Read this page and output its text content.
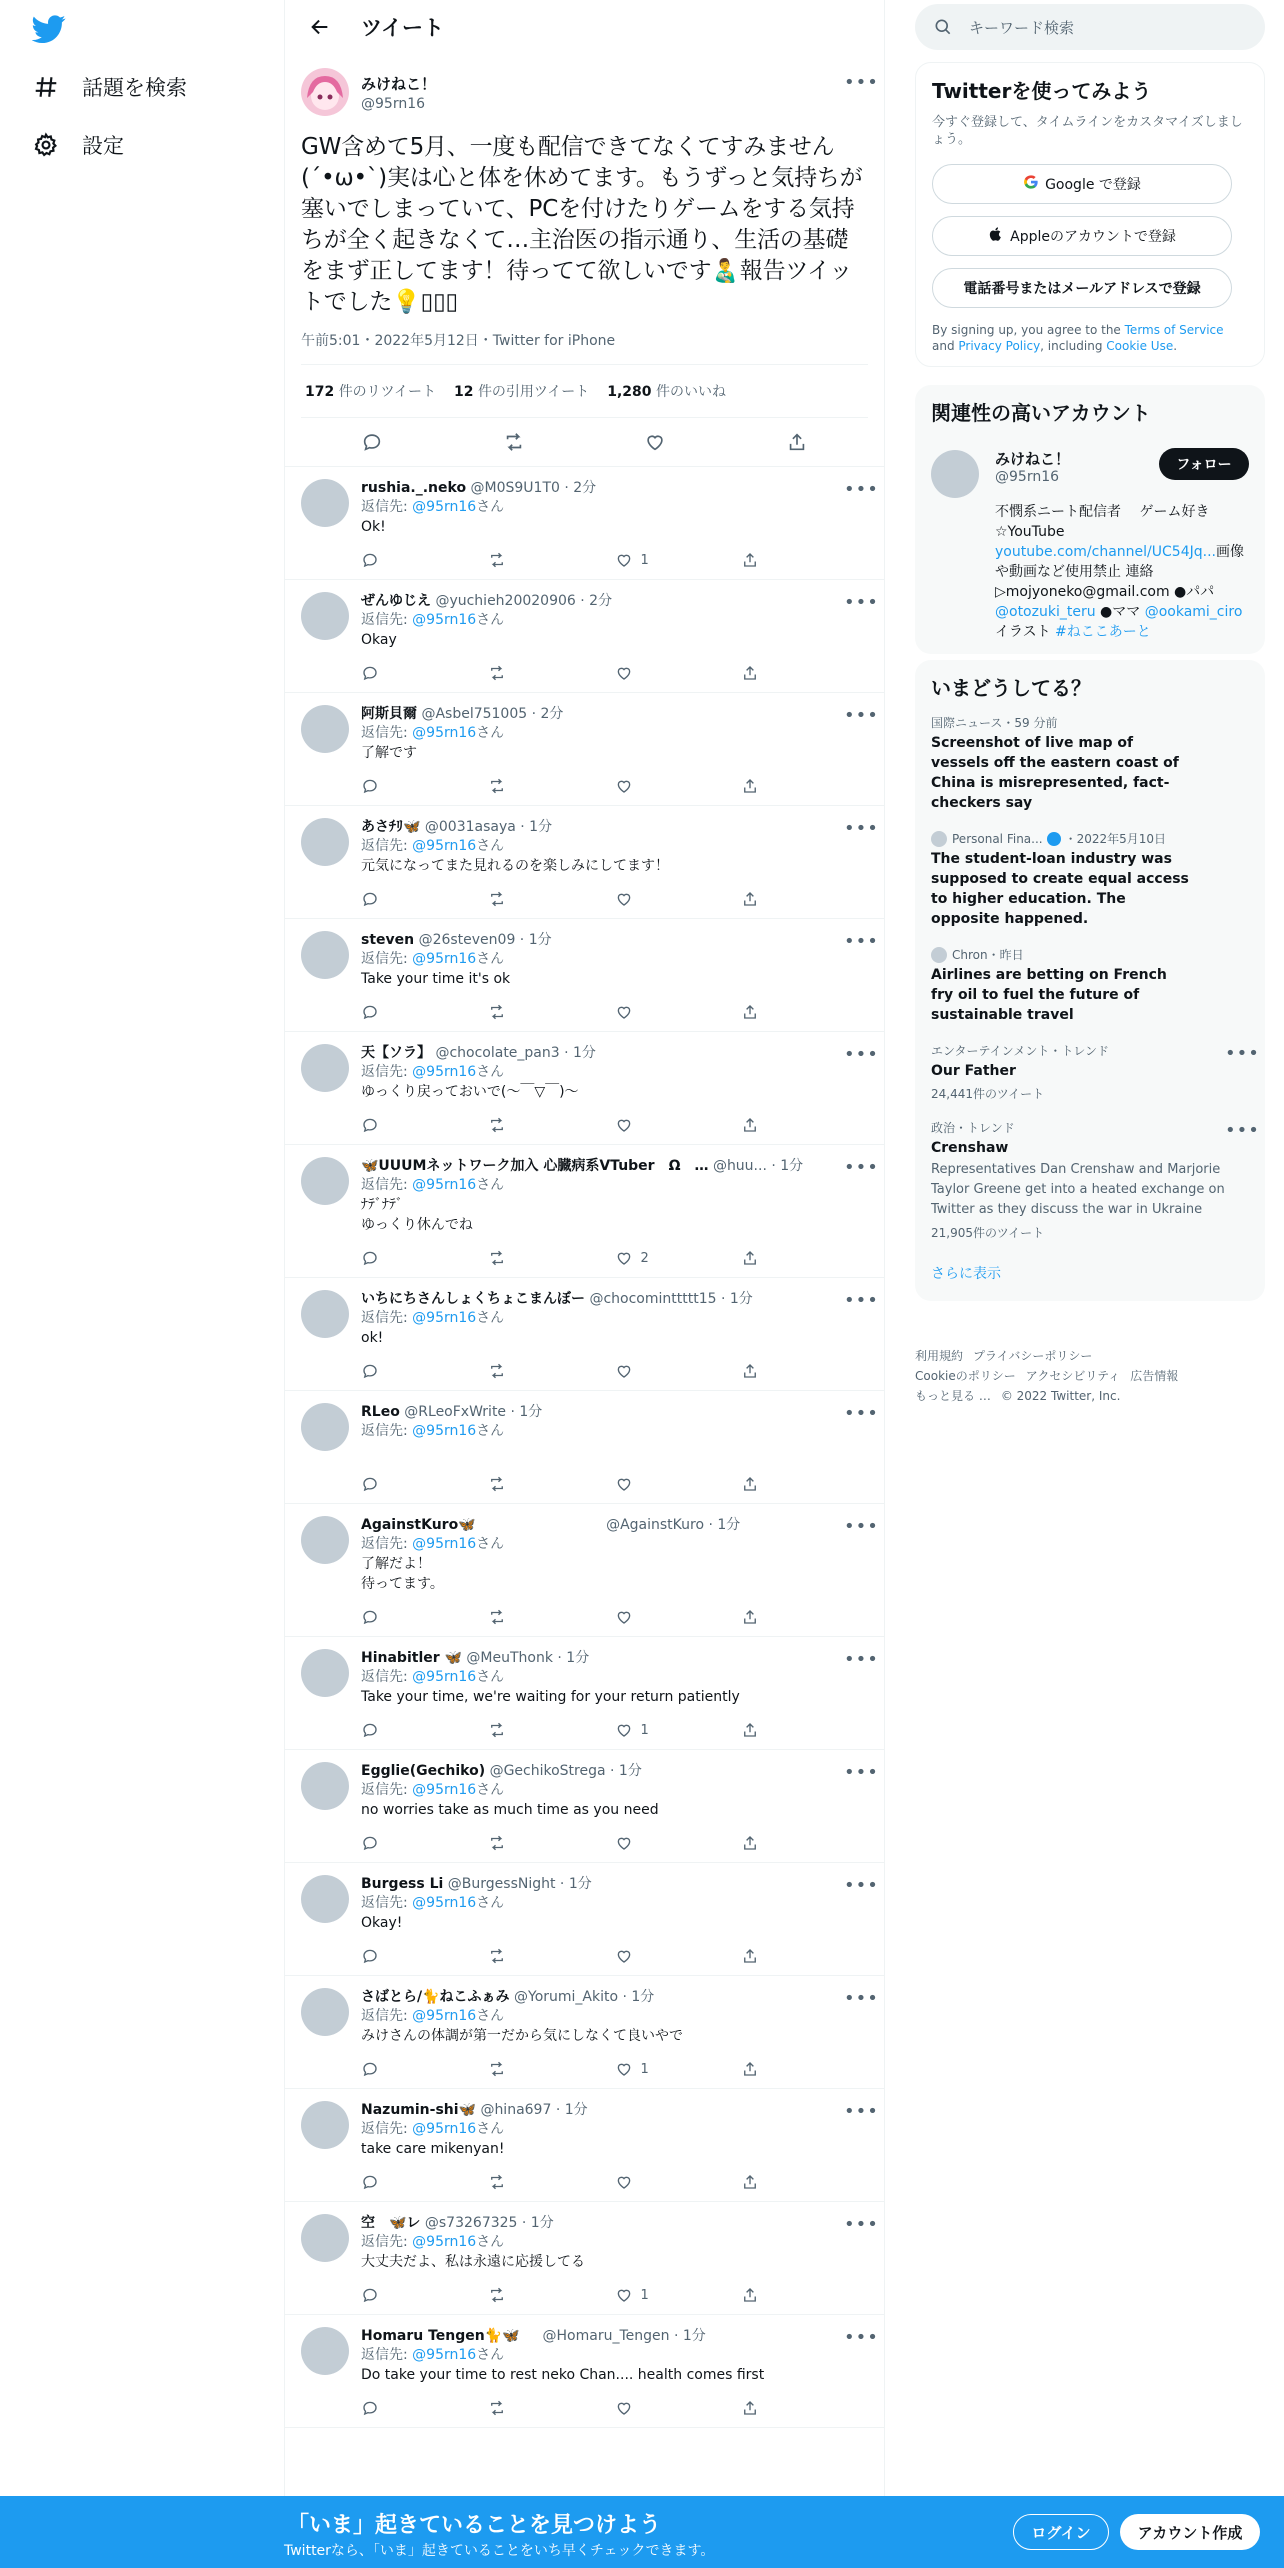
話題を検索
設定
ツイート
みけねこ！
@95rn16
•••
GW含めて5月、一度も配信できてなくてすみません(´•ω•`)実は心と体を休めてます。もうずっと気持ちが塞いでしまっていて、PCを付けたりゲームをする気持ちが全く起きなくて…主治医の指示通り、生活の基礎をまず正してます！待ってて欲しいです👨‍🍼報告ツイットでした💡▯▯▯
午前5:01・2022年5月12日・Twitter for iPhone
172 件のリツイート 12 件の引用ツイート 1,280 件のいいね
rushia._.neko @M0S9U1T0 · 2分	•••
返信先: @95rn16さん
Ok!
1
ぜんゆじえ @yuchieh20020906 · 2分	•••
返信先: @95rn16さん
Okay
阿斯貝爾 @Asbel751005 · 2分	•••
返信先: @95rn16さん
了解です
あさﾁﾘ🦋 @0031asaya · 1分	•••
返信先: @95rn16さん
元気になってまた見れるのを楽しみにしてます！
steven @26steven09 · 1分	•••
返信先: @95rn16さん
Take your time it's ok
天【ソラ】 @chocolate_pan3 · 1分	•••
返信先: @95rn16さん
ゆっくり戻っておいで(〜￣▽￣)〜
🦋UUUMネットワーク加入 心臓病系VTuber　Ω　… @huu... · 1分	•••
返信先: @95rn16さん
ﾅﾃﾞﾅﾃﾞ
ゆっくり休んでね
2
いちにちさんしょくちょこまんぼー @chocominttttt15 · 1分	•••
返信先: @95rn16さん
ok!
RLeo @RLeoFxWrite · 1分	•••
返信先: @95rn16さん
AgainstKuro🦋 　　　　　　　　　@AgainstKuro · 1分	•••
返信先: @95rn16さん
了解だよ！
待ってます。
Hinabitler 🦋 @MeuThonk · 1分	•••
返信先: @95rn16さん
Take your time, we're waiting for your return patiently
1
Egglie(Gechiko) @GechikoStrega · 1分	•••
返信先: @95rn16さん
no worries take as much time as you need
Burgess Li @BurgessNight · 1分	•••
返信先: @95rn16さん
Okay!
さばとら/🐈ねこふぁみ @Yorumi_Akito · 1分	•••
返信先: @95rn16さん
みけさんの体調が第一だから気にしなくて良いやで
1
Nazumin-shi🦋 @hina697 · 1分	•••
返信先: @95rn16さん
take care mikenyan!
空　🦋レ @s73267325 · 1分	•••
返信先: @95rn16さん
大丈夫だよ、私は永遠に応援してる
1
Homaru Tengen🐈🦋 　 @Homaru_Tengen · 1分	•••
返信先: @95rn16さん
Do take your time to rest neko Chan.... health comes first
キーワード検索
Twitterを使ってみよう
今すぐ登録して、タイムラインをカスタマイズしましょう。
Google で登録
Appleのアカウントで登録
電話番号またはメールアドレスで登録
By signing up, you agree to the Terms of Service and Privacy Policy, including Cookie Use.
関連性の高いアカウント
みけねこ！
@95rn16
フォロー
不憫系ニート配信者　 ゲーム好き☆YouTube youtube.com/channel/UC54Jq...画像や動画など使用禁止 連絡▷mojyoneko@gmail.com ●パパ @otozuki_teru ●ママ @ookami_ciro イラスト #ねここあーと
いまどうしてる？
国際ニュース・59 分前
Screenshot of live map of vessels off the eastern coast of China is misrepresented, fact-checkers say
Personal Fina... ・2022年5月10日
The student-loan industry was supposed to create equal access to higher education. The opposite happened.
Chron ・昨日
Airlines are betting on French fry oil to fuel the future of sustainable travel
エンターテインメント・トレンド
Our Father
24,441件のツイート
•••
政治・トレンド
Crenshaw
Representatives Dan Crenshaw and Marjorie Taylor Greene get into a heated exchange on Twitter as they discuss the war in Ukraine
21,905件のツイート
•••
さらに表示
利用規約 プライバシーポリシー
Cookieのポリシー アクセシビリティ 広告情報
もっと見る … © 2022 Twitter, Inc.
「いま」起きていることを見つけよう
Twitterなら、「いま」起きていることをいち早くチェックできます。
ログイン	アカウント作成
